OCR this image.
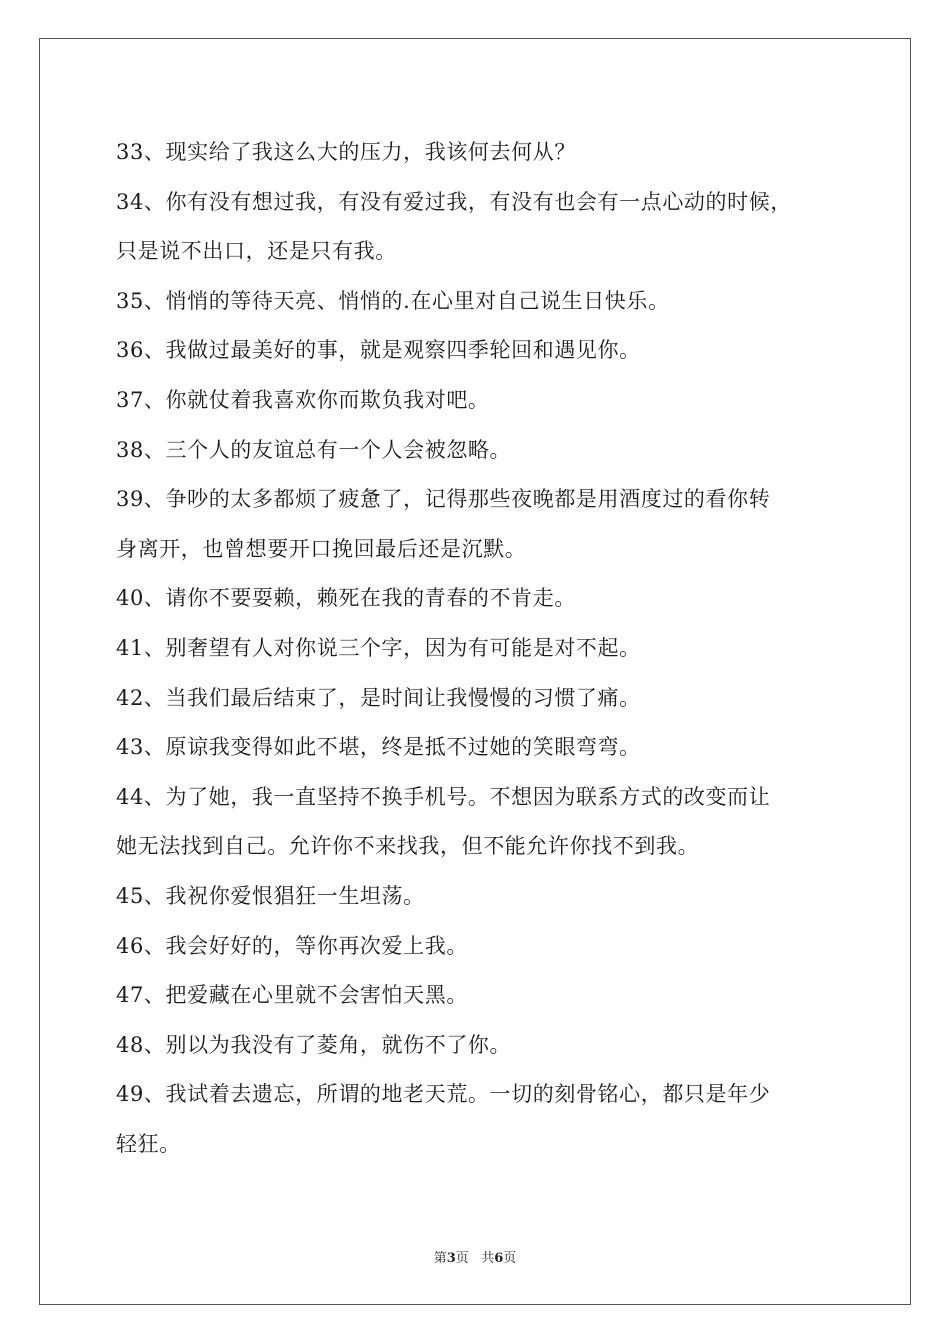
33、现实给了我这么大的压力，我该何去何从？
34、你有没有想过我，有没有爱过我，有没有也会有一点心动的时候，
只是说不出口，还是只有我。
35、悄悄的等待天亮、悄悄的.在心里对自己说生日快乐。
36、我做过最美好的事，就是观察四季轮回和遇见你。
37、你就仗着我喜欢你而欺负我对吧。
38、三个人的友谊总有一个人会被忽略。
39、争吵的太多都烦了疲惫了，记得那些夜晚都是用酒度过的看你转
身离开，也曾想要开口挽回最后还是沉默。
40、请你不要耍赖，赖死在我的青春的不肯走。
41、别奢望有人对你说三个字，因为有可能是对不起。
42、当我们最后结束了，是时间让我慢慢的习惯了痛。
43、原谅我变得如此不堪，终是抵不过她的笑眼弯弯。
44、为了她，我一直坚持不换手机号。不想因为联系方式的改变而让
她无法找到自己。允许你不来找我，但不能允许你找不到我。
45、我祝你爱恨猖狂一生坦荡。
46、我会好好的，等你再次爱上我。
47、把爱藏在心里就不会害怕天黑。
48、别以为我没有了菱角，就伤不了你。
49、我试着去遗忘，所谓的地老天荒。一切的刻骨铭心，都只是年少
轻狂。
第3页 共6页
